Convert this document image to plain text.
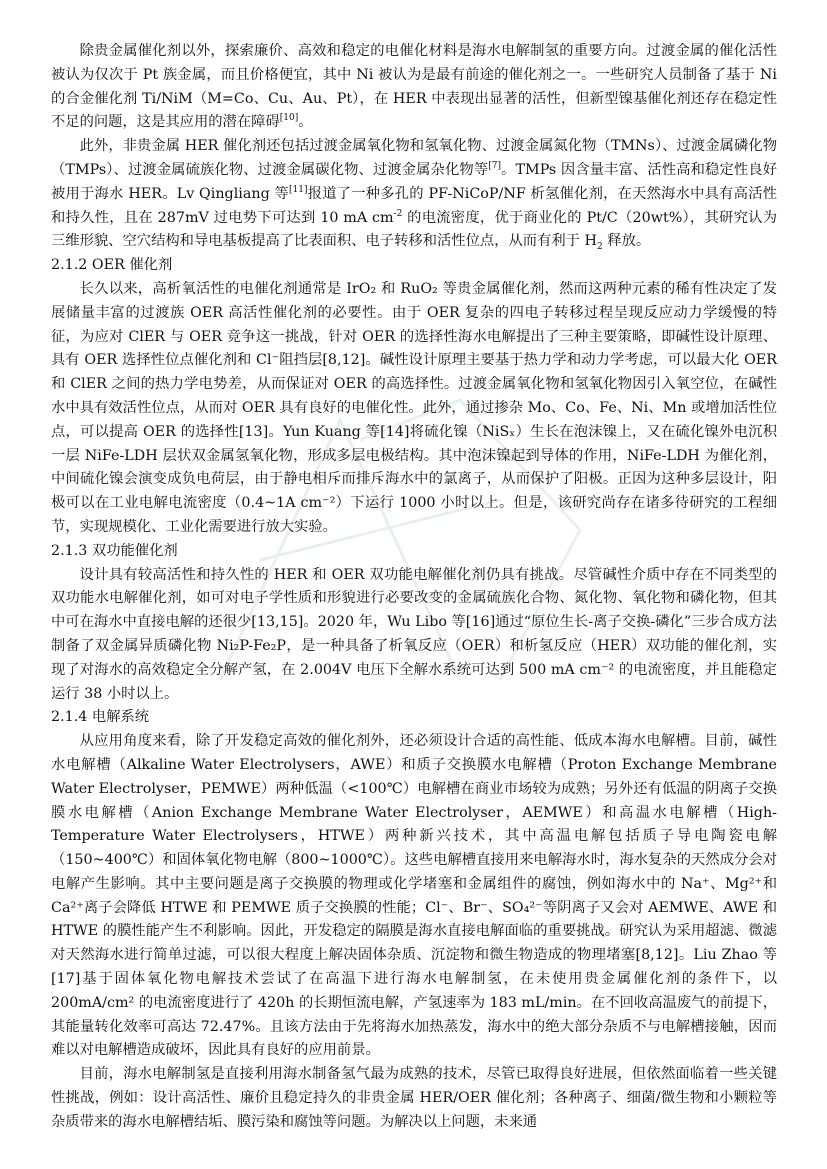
除贵金属催化剂以外，探索廉价、高效和稳定的电催化材料是海水电解制氢的重要方向。过渡金属的催化活性被认为仅次于 Pt 族金属，而且价格便宜，其中 Ni 被认为是最有前途的催化剂之一。一些研究人员制备了基于 Ni 的合金催化剂 Ti/NiM（M=Co、Cu、Au、Pt），在 HER 中表现出显著的活性，但新型镍基催化剂还存在稳定性不足的问题，这是其应用的潜在障碍[10]。

此外，非贵金属 HER 催化剂还包括过渡金属氧化物和氢氧化物、过渡金属氮化物（TMNs）、过渡金属磷化物（TMPs）、过渡金属硫族化物、过渡金属碳化物、过渡金属杂化物等[7]。TMPs 因含量丰富、活性高和稳定性良好被用于海水 HER。Lv Qingliang 等[11]报道了一种多孔的 PF-NiCoP/NF 析氢催化剂，在天然海水中具有高活性和持久性，且在 287mV 过电势下可达到 10 mA $cm^{-2}$ 的电流密度，优于商业化的 Pt/C（20wt%），其研究认为三维形貌、空穴结构和导电基板提高了比表面积、电子转移和活性位点，从而有利于 $H_2$ 释放。

2.1.2 OER 催化剂

长久以来，高析氧活性的电催化剂通常是 IrO₂ 和 RuO₂ 等贵金属催化剂，然而这两种元素的稀有性决定了发展储量丰富的过渡族 OER 高活性催化剂的必要性。由于 OER 复杂的四电子转移过程呈现反应动力学缓慢的特征，为应对 ClER 与 OER 竞争这一挑战，针对 OER 的选择性海水电解提出了三种主要策略，即碱性设计原理、具有 OER 选择性位点催化剂和 Cl⁻阻挡层[8,12]。碱性设计原理主要基于热力学和动力学考虑，可以最大化 OER 和 ClER 之间的热力学电势差，从而保证对 OER 的高选择性。过渡金属氧化物和氢氧化物因引入氧空位，在碱性水中具有效活性位点，从而对 OER 具有良好的电催化性。此外，通过掺杂 Mo、Co、Fe、Ni、Mn 或增加活性位点，可以提高 OER 的选择性[13]。Yun Kuang 等[14]将硫化镍（NiSₓ）生长在泡沫镍上，又在硫化镍外电沉积一层 NiFe-LDH 层状双金属氢氧化物，形成多层电极结构。其中泡沫镍起到导体的作用，NiFe-LDH 为催化剂，中间硫化镍会演变成负电荷层，由于静电相斥而排斥海水中的氯离子，从而保护了阳极。正因为这种多层设计，阳极可以在工业电解电流密度（0.4~1A cm⁻²）下运行 1000 小时以上。但是，该研究尚存在诸多待研究的工程细节，实现规模化、工业化需要进行放大实验。

2.1.3 双功能催化剂

设计具有较高活性和持久性的 HER 和 OER 双功能电解催化剂仍具有挑战。尽管碱性介质中存在不同类型的双功能水电解催化剂，如可对电子学性质和形貌进行必要改变的金属硫族化合物、氮化物、氧化物和磷化物，但其中可在海水中直接电解的还很少[13,15]。2020 年，Wu Libo 等[16]通过“原位生长-离子交换-磷化”三步合成方法制备了双金属异质磷化物 Ni₂P-Fe₂P，是一种具备了析氧反应（OER）和析氢反应（HER）双功能的催化剂，实现了对海水的高效稳定全分解产氢，在 2.004V 电压下全解水系统可达到 500 mA cm⁻² 的电流密度，并且能稳定运行 38 小时以上。

2.1.4 电解系统

从应用角度来看，除了开发稳定高效的催化剂外，还必须设计合适的高性能、低成本海水电解槽。目前，碱性水电解槽（Alkaline Water Electrolysers，AWE）和质子交换膜水电解槽（Proton Exchange Membrane Water Electrolyser，PEMWE）两种低温（<100℃）电解槽在商业市场较为成熟；另外还有低温的阴离子交换膜水电解槽（Anion Exchange Membrane Water Electrolyser，AEMWE）和高温水电解槽（High-Temperature Water Electrolysers，HTWE）两种新兴技术，其中高温电解包括质子导电陶瓷电解（150~400℃）和固体氧化物电解（800~1000℃）。这些电解槽直接用来电解海水时，海水复杂的天然成分会对电解产生影响。其中主要问题是离子交换膜的物理或化学堵塞和金属组件的腐蚀，例如海水中的 Na⁺、Mg²⁺和 Ca²⁺离子会降低 HTWE 和 PEMWE 质子交换膜的性能；Cl⁻、Br⁻、SO₄²⁻等阴离子又会对 AEMWE、AWE 和 HTWE 的膜性能产生不利影响。因此，开发稳定的隔膜是海水直接电解面临的重要挑战。研究认为采用超滤、微滤对天然海水进行简单过滤，可以很大程度上解决固体杂质、沉淀物和微生物造成的物理堵塞[8,12]。Liu Zhao 等[17]基于固体氧化物电解技术尝试了在高温下进行海水电解制氢，在未使用贵金属催化剂的条件下，以 200mA/cm² 的电流密度进行了 420h 的长期恒流电解，产氢速率为 183 mL/min。在不回收高温废气的前提下，其能量转化效率可高达 72.47%。且该方法由于先将海水加热蒸发，海水中的绝大部分杂质不与电解槽接触，因而难以对电解槽造成破坏，因此具有良好的应用前景。

目前，海水电解制氢是直接利用海水制备氢气最为成熟的技术，尽管已取得良好进展，但依然面临着一些关键性挑战，例如：设计高活性、廉价且稳定持久的非贵金属 HER/OER 催化剂；各种离子、细菌/微生物和小颗粒等杂质带来的海水电解槽结垢、膜污染和腐蚀等问题。为解决以上问题，未来通
